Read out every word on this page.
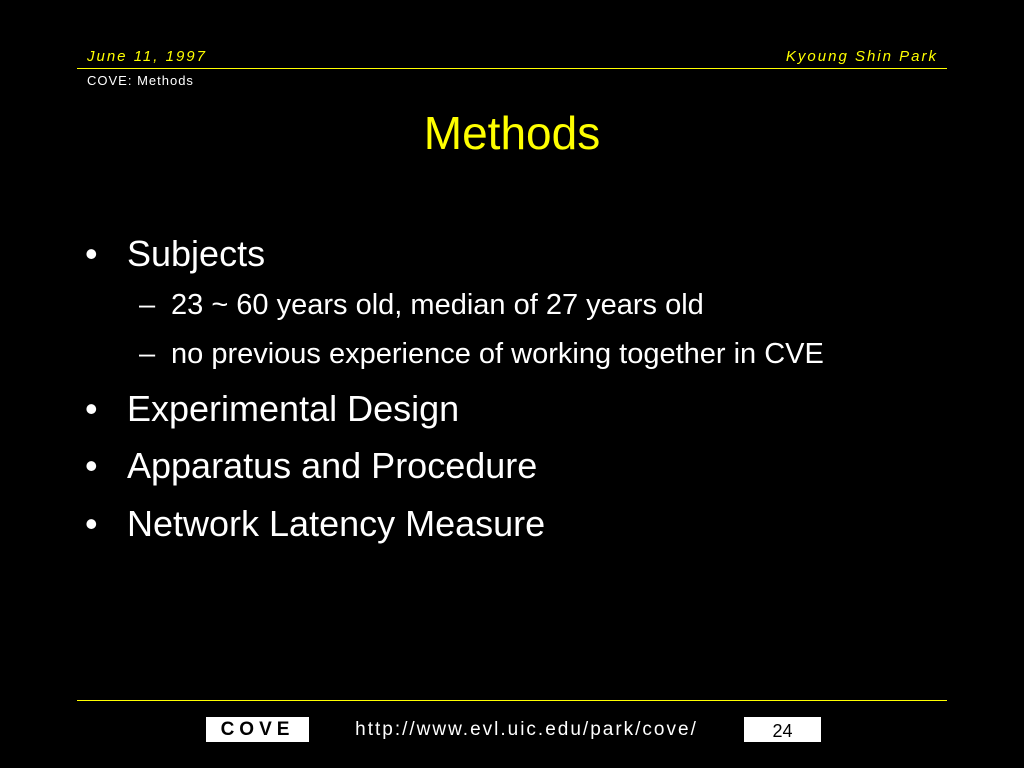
June 11, 1997	Kyoung Shin Park
COVE: Methods
Methods
• Subjects
– 23 ~ 60 years old, median of 27 years old
– no previous experience of working together in CVE
• Experimental Design
• Apparatus and Procedure
• Network Latency Measure
COVE	http://www.evl.uic.edu/park/cove/	24
